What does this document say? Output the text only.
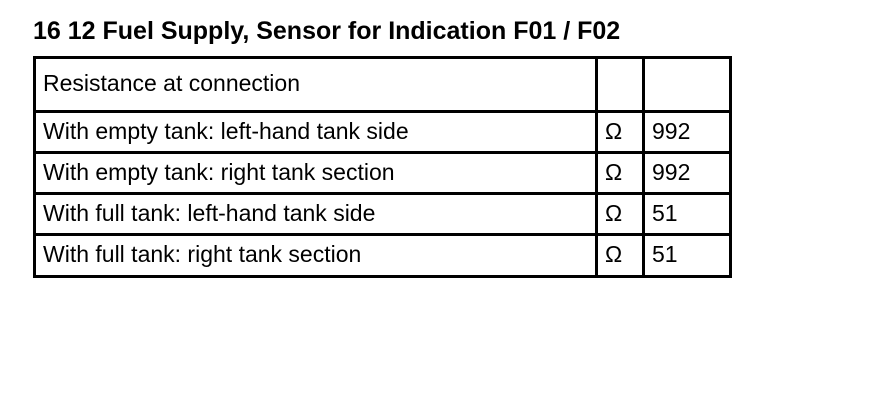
16 12 Fuel Supply, Sensor for Indication F01 / F02
Resistance at connection		
With empty tank: left-hand tank side	Ω	992
With empty tank: right tank section	Ω	992
With full tank: left-hand tank side	Ω	51
With full tank: right tank section	Ω	51
